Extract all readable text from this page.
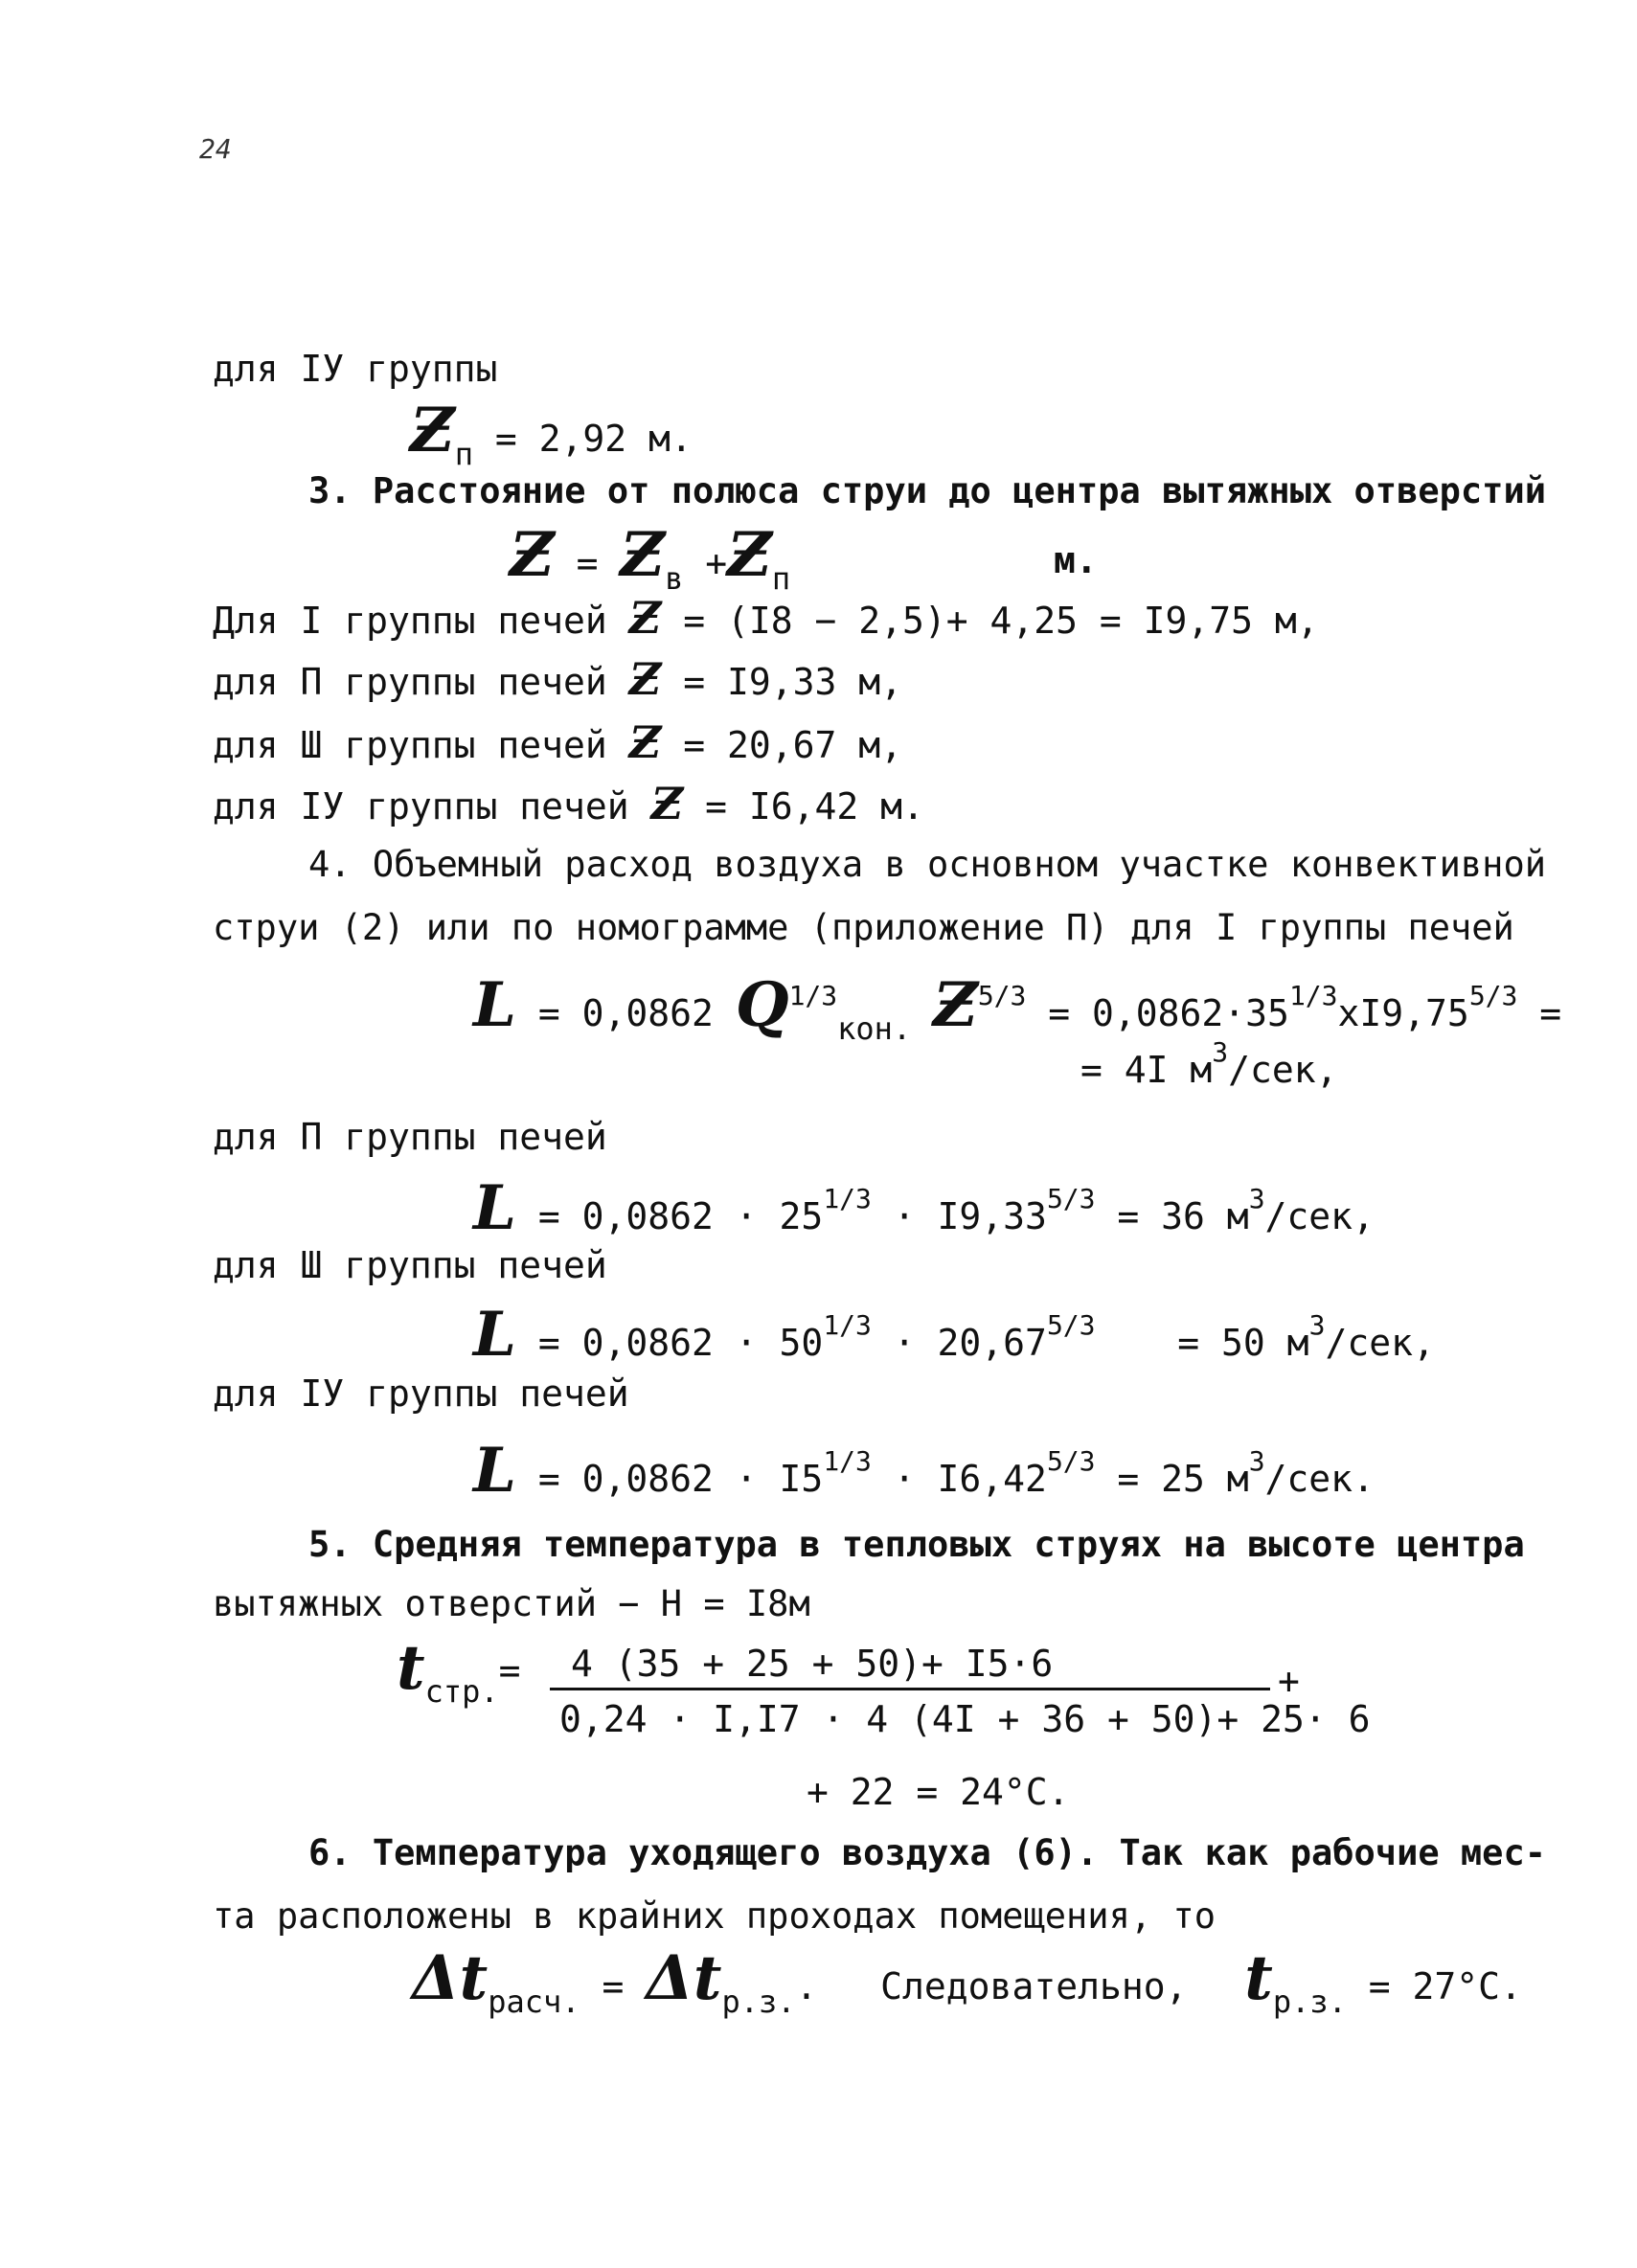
24
для IУ группы
$Ƶ_п = 2,92$ м.
3. Расстояние от полюса струи до центра вытяжных отверстий
Ƶ = $Ƶ_в$ $+Ƶ_п$	м.
Для I группы печей Ƶ = (I8 − 2,5)+ 4,25 = I9,75 м,
для П группы печей Ƶ = I9,33 м,
для Ш группы печей Ƶ = 20,67 м,
для IУ группы печей Ƶ = I6,42 м.
4. Объемный расход воздуха в основном участке конвективной
струи (2) или по номограмме (приложение П) для I группы печей
L = 0,0862 $Q^{1/3}_{кон.}$ $Ƶ^{5/3} = 0,0862\cdot 35^{1/3}xI9,75^{5/3}$ =
= 4I $м^3$/сек,
для П группы печей
$L = 0,0862 \cdot 25^{1/3} \cdot I9,33^{5/3} = 36$ $м^3$/сек,
для Ш группы печей
$L = 0,0862 \cdot 50^{1/3} \cdot 20,67^{5/3} = 50$ $м^3$/сек,
для IУ группы печей
$L = 0,0862 \cdot I5^{1/3} \cdot I6,42^{5/3} = 25$ $м^3$/сек.
5. Средняя температура в тепловых струях на высоте центра
вытяжных отверстий − H = I8м
$t_{стр.}= 4$ (35 + 25 + 50)+ I5·6
0,24 · I,I7 · 4 (4I + 36 + 50)+ 25· 6
+
+ 22 = 24°С.
6. Температура уходящего воздуха (6). Так как рабочие мес-
та расположены в крайних проходах помещения, то
$\Delta t_{расч.} = \Delta t_{р.з.}$. Следовательно, $t_{р.з.} = 27^\circ С$.
